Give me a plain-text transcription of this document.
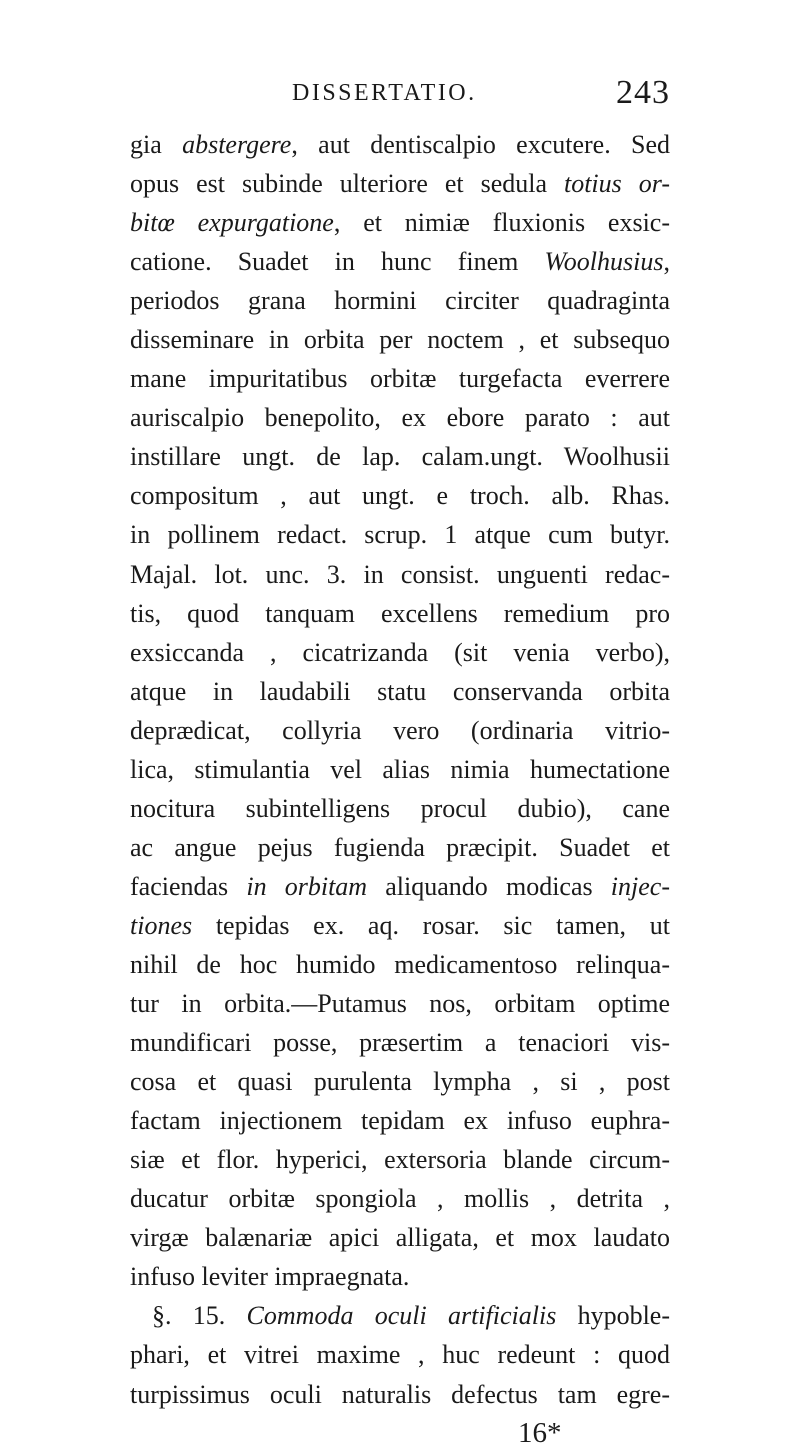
DISSERTATIO.	243
gia abstergere, aut dentiscalpio excutere. Sed
opus est subinde ulteriore et sedula totius or-
bitœ expurgatione, et nimiæ fluxionis exsic-
catione. Suadet in hunc finem Woolhusius,
periodos grana hormini circiter quadraginta
disseminare in orbita per noctem , et subsequo
mane impuritatibus orbitæ turgefacta everrere
auriscalpio benepolito, ex ebore parato : aut
instillare ungt. de lap. calam.ungt. Woolhusii
compositum , aut ungt. e troch. alb. Rhas.
in pollinem redact. scrup. 1 atque cum butyr.
Majal. lot. unc. 3. in consist. unguenti redac-
tis, quod tanquam excellens remedium pro
exsiccanda , cicatrizanda (sit venia verbo),
atque in laudabili statu conservanda orbita
deprædicat, collyria vero (ordinaria vitrio-
lica, stimulantia vel alias nimia humectatione
nocitura subintelligens procul dubio), cane
ac angue pejus fugienda præcipit. Suadet et
faciendas in orbitam aliquando modicas injec-
tiones tepidas ex. aq. rosar. sic tamen, ut
nihil de hoc humido medicamentoso relinqua-
tur in orbita.—Putamus nos, orbitam optime
mundificari posse, præsertim a tenaciori vis-
cosa et quasi purulenta lympha , si , post
factam injectionem tepidam ex infuso euphra-
siæ et flor. hyperici, extersoria blande circum-
ducatur orbitæ spongiola , mollis , detrita ,
virgæ balænariæ apici alligata, et mox laudato
infuso leviter impraegnata.
§. 15. Commoda oculi artificialis hypoble-
phari, et vitrei maxime , huc redeunt : quod
turpissimus oculi naturalis defectus tam egre-
16*
